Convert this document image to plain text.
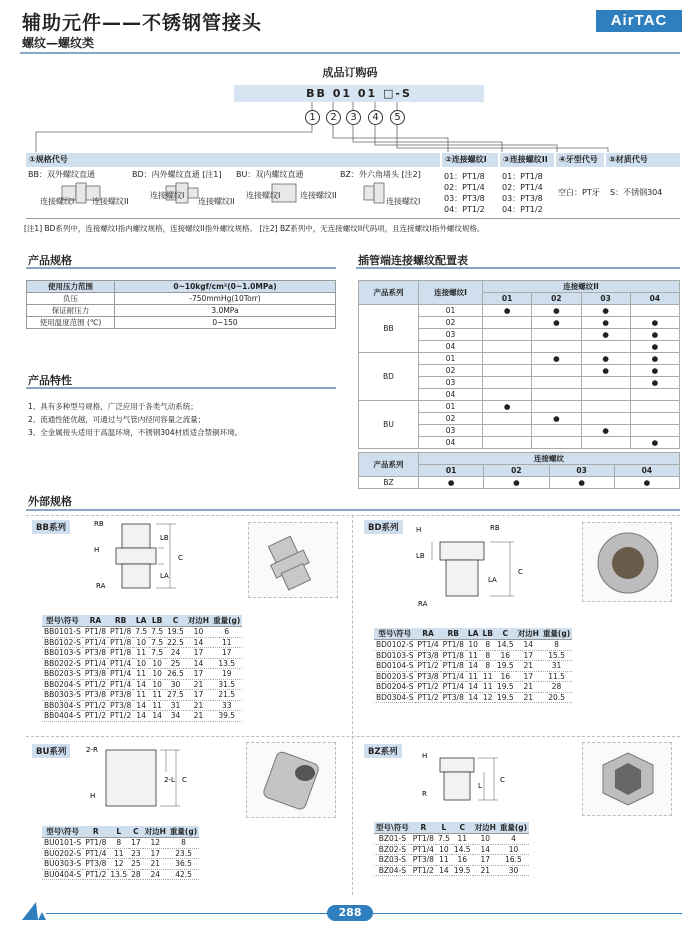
辅助元件——不锈钢管接头
螺纹—螺纹类
AirTAC
成品订购码
BB 01 01 □-S
1	2	3	4	5
①规格代号	②连接螺纹I	③连接螺纹II	④牙型代号	⑤材质代号
BB：双外螺纹直通	BD：内外螺纹直通 [注1] BU：双内螺纹直通	BZ：外六角堵头 [注2]
连接螺纹I 连接螺纹II
连接螺纹I
连接螺纹II
连接螺纹I 连接螺纹II
连接螺纹I
01：PT1/8
02：PT1/4
03：PT3/8
04：PT1/2
01：PT1/8
02：PT1/4
03：PT3/8
04：PT1/2
空白：PT牙 S：不锈钢304
[注1] BD系列中，连接螺纹I指内螺纹规格，连接螺纹II指外螺纹规格。 [注2] BZ系列中，无连接螺纹II代码项，且连接螺纹I指外螺纹规格。
产品规格
使用压力范围	0~10kgf/cm²(0~1.0MPa)
负压	-750mmHg(10Torr)
保证耐压力	3.0MPa
使用温度范围 (℃)	0~150
产品特性
1、具有多种型号规格，广泛应用于各类气动系统；
2、流通性能优越，可通过与气管内径同容量之流量；
3、全金属接头适用于高温环境，不锈钢304材质适合禁铜环境。
插管端连接螺纹配置表
产品系列	连接螺纹I	连接螺纹II			
		01	02	03	04
BB	01	●	●	●	
	02		●	●	●
	03			●	●
	04				●
BD	01		●	●	●
	02			●	●
	03				●
	04				
BU	01	●			
	02		●		
	03			●	
	04				●
产品系列	连接螺纹			
	01	02	03	04
BZ	●	●	●	●
外部规格
BB系列	RB
H
RA
LB
LA
C
型号\符号	RA	RB	LA	LB	C	对边H	重量(g)
BB0101-S	PT1/8	PT1/8	7.5	7.5	19.5	10	6
BB0102-S	PT1/4	PT1/8	10	7.5	22.5	14	11
BB0103-S	PT3/8	PT1/8	11	7.5	24	17	17
BB0202-S	PT1/4	PT1/4	10	10	25	14	13.5
BB0203-S	PT3/8	PT1/4	11	10	26.5	17	19
BB0204-S	PT1/2	PT1/4	14	10	30	21	31.5
BB0303-S	PT3/8	PT3/8	11	11	27.5	17	21.5
BB0304-S	PT1/2	PT3/8	14	11	31	21	33
BB0404-S	PT1/2	PT1/2	14	14	34	21	39.5
BD系列	H	RB
LB
LA
C
RA
型号\符号	RA	RB	LA	LB	C	对边H	重量(g)
BD0102-S	PT1/4	PT1/8	10	8	14.5	14	8
BD0103-S	PT3/8	PT1/8	11	8	16	17	15.5
BD0104-S	PT1/2	PT1/8	14	8	19.5	21	31
BD0203-S	PT3/8	PT1/4	11	11	16	17	11.5
BD0204-S	PT1/2	PT1/4	14	11	19.5	21	28
BD0304-S	PT1/2	PT3/8	14	12	19.5	21	20.5
BU系列	2-R
H
2-L C
型号\符号	R	L	C	对边H	重量(g)
BU0101-S	PT1/8	8	17	12	8
BU0202-S	PT1/4	11	23	17	23.5
BU0303-S	PT3/8	12	25	21	36.5
BU0404-S	PT1/2	13.5	28	24	42.5
BZ系列	H
R
L
C
型号\符号	R	L	C	对边H	重量(g)
BZ01-S	PT1/8	7.5	11	10	4
BZ02-S	PT1/4	10	14.5	14	10
BZ03-S	PT3/8	11	16	17	16.5
BZ04-S	PT1/2	14	19.5	21	30
288
